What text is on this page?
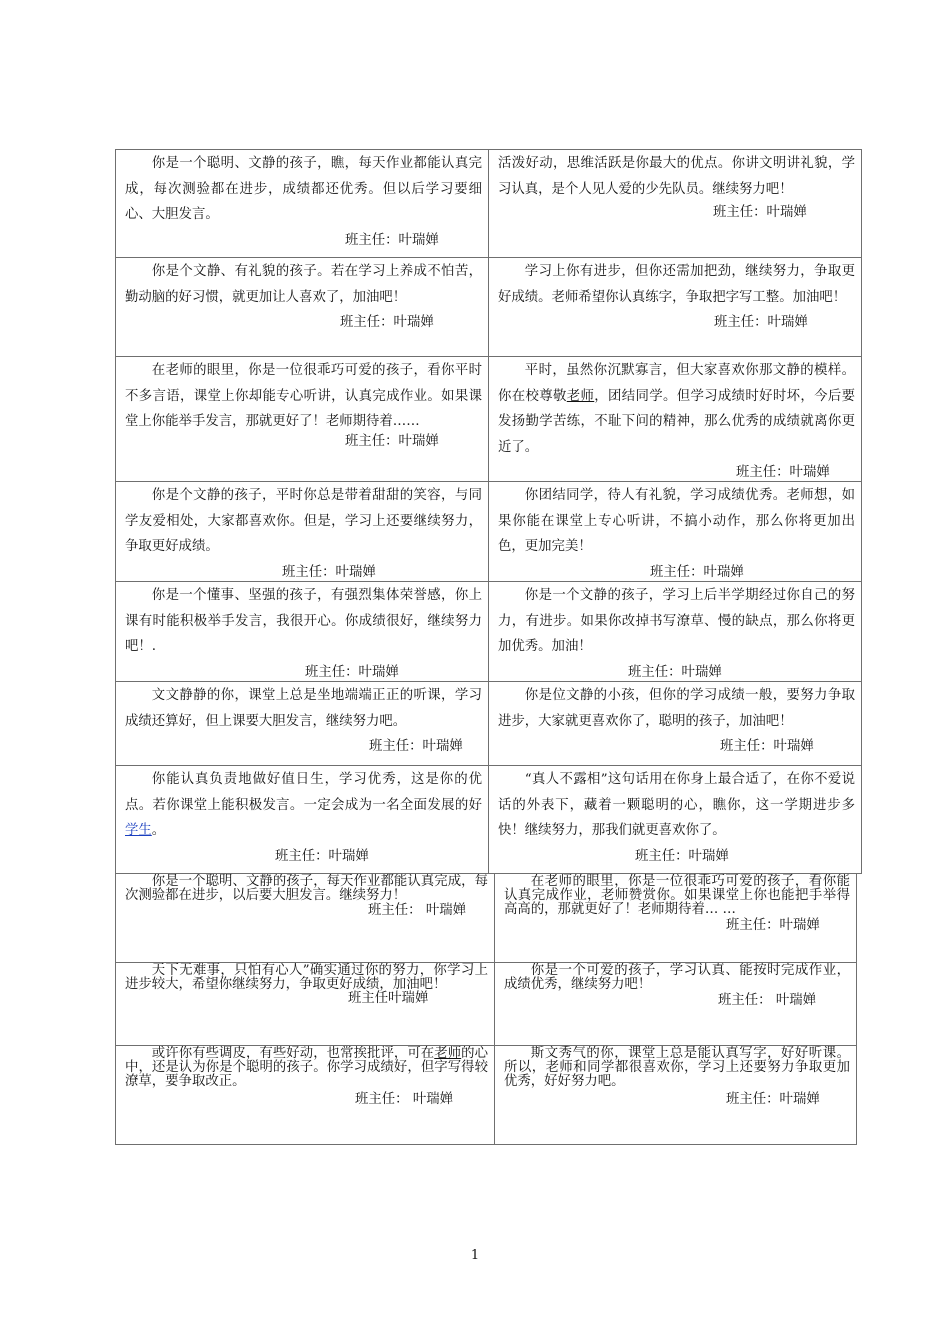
你是一个聪明、文静的孩子，瞧，每天作业都能认真完成，每次测验都在进步，成绩都还优秀。但以后学习要细心、大胆发言。
班主任：叶瑞婵
活泼好动，思维活跃是你最大的优点。你讲文明讲礼貌，学习认真，是个人见人爱的少先队员。继续努力吧！
班主任：叶瑞婵
你是个文静、有礼貌的孩子。若在学习上养成不怕苦，勤动脑的好习惯，就更加让人喜欢了，加油吧！
班主任：叶瑞婵
学习上你有进步，但你还需加把劲，继续努力，争取更好成绩。老师希望你认真练字，争取把字写工整。加油吧！
班主任：叶瑞婵
在老师的眼里，你是一位很乖巧可爱的孩子，看你平时不多言语，课堂上你却能专心听讲，认真完成作业。如果课堂上你能举手发言，那就更好了！老师期待着……
班主任：叶瑞婵
平时，虽然你沉默寡言，但大家喜欢你那文静的模样。你在校尊敬老师，团结同学。但学习成绩时好时坏，今后要发扬勤学苦练，不耻下问的精神，那么优秀的成绩就离你更近了。
班主任：叶瑞婵
你是个文静的孩子，平时你总是带着甜甜的笑容，与同学友爱相处，大家都喜欢你。但是，学习上还要继续努力，争取更好成绩。
班主任：叶瑞婵
你团结同学，待人有礼貌，学习成绩优秀。老师想，如果你能在课堂上专心听讲，不搞小动作，那么你将更加出色，更加完美！
班主任：叶瑞婵
你是一个懂事、坚强的孩子，有强烈集体荣誉感，你上课有时能积极举手发言，我很开心。你成绩很好，继续努力吧！.
班主任：叶瑞婵
你是一个文静的孩子，学习上后半学期经过你自己的努力，有进步。如果你改掉书写潦草、慢的缺点，那么你将更加优秀。加油！
班主任：叶瑞婵
文文静静的你，课堂上总是坐地端端正正的听课，学习成绩还算好，但上课要大胆发言，继续努力吧。
班主任：叶瑞婵
你是位文静的小孩，但你的学习成绩一般，要努力争取进步，大家就更喜欢你了，聪明的孩子，加油吧！
班主任：叶瑞婵
你能认真负责地做好值日生，学习优秀，这是你的优点。若你课堂上能积极发言。一定会成为一名全面发展的好学生。
班主任：叶瑞婵
“真人不露相”这句话用在你身上最合适了，在你不爱说话的外表下，藏着一颗聪明的心，瞧你，这一学期进步多快！继续努力，那我们就更喜欢你了。
班主任：叶瑞婵
你是一个聪明、文静的孩子，每天作业都能认真完成，每次测验都在进步，以后要大胆发言。继续努力！
班主任： 叶瑞婵
在老师的眼里，你是一位很乖巧可爱的孩子，看你能认真完成作业，老师赞赏你。如果课堂上你也能把手举得高高的，那就更好了！老师期待着… …
班主任：叶瑞婵
天下无难事，只怕有心人”确实通过你的努力，你学习上进步较大，希望你继续努力，争取更好成绩，加油吧！
班主任叶瑞婵
你是一个可爱的孩子，学习认真、能按时完成作业，成绩优秀，继续努力吧！
班主任： 叶瑞婵
或许你有些调皮，有些好动，也常挨批评，可在老师的心中，还是认为你是个聪明的孩子。你学习成绩好，但字写得较潦草，要争取改正。
班主任： 叶瑞婵
斯文秀气的你，课堂上总是能认真写字，好好听课。所以，老师和同学都很喜欢你，学习上还要努力争取更加优秀，好好努力吧。
班主任：叶瑞婵
1
